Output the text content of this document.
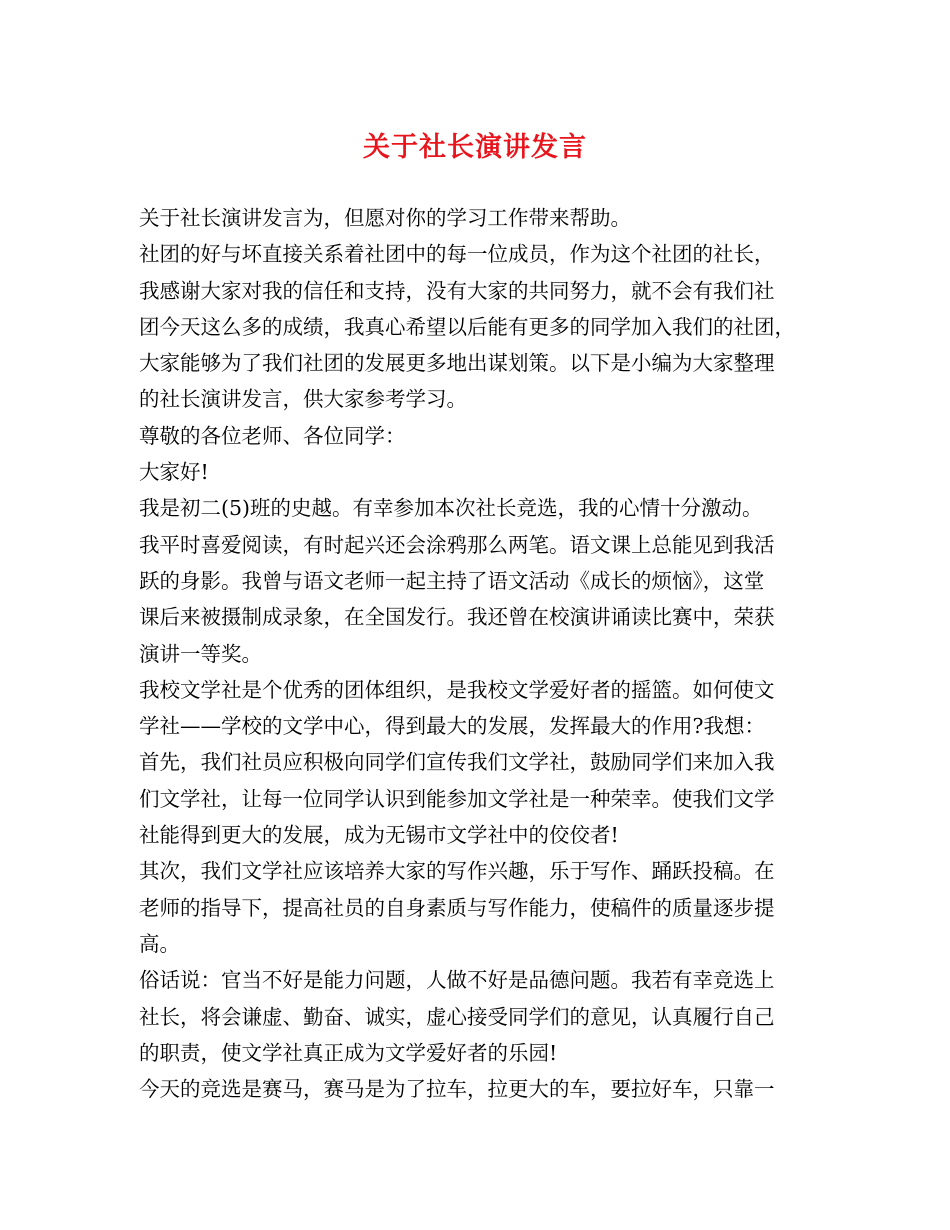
关于社长演讲发言
关于社长演讲发言为，但愿对你的学习工作带来帮助。
社团的好与坏直接关系着社团中的每一位成员，作为这个社团的社长，
我感谢大家对我的信任和支持，没有大家的共同努力，就不会有我们社
团今天这么多的成绩，我真心希望以后能有更多的同学加入我们的社团，
大家能够为了我们社团的发展更多地出谋划策。以下是小编为大家整理
的社长演讲发言，供大家参考学习。
尊敬的各位老师、各位同学：
大家好!
我是初二(5)班的史越。有幸参加本次社长竞选，我的心情十分激动。
我平时喜爱阅读，有时起兴还会涂鸦那么两笔。语文课上总能见到我活
跃的身影。我曾与语文老师一起主持了语文活动《成长的烦恼》，这堂
课后来被摄制成录象，在全国发行。我还曾在校演讲诵读比赛中，荣获
演讲一等奖。
我校文学社是个优秀的团体组织，是我校文学爱好者的摇篮。如何使文
学社——学校的文学中心，得到最大的发展，发挥最大的作用?我想：
首先，我们社员应积极向同学们宣传我们文学社，鼓励同学们来加入我
们文学社，让每一位同学认识到能参加文学社是一种荣幸。使我们文学
社能得到更大的发展，成为无锡市文学社中的佼佼者!
其次，我们文学社应该培养大家的写作兴趣，乐于写作、踊跃投稿。在
老师的指导下，提高社员的自身素质与写作能力，使稿件的质量逐步提
高。
俗话说：官当不好是能力问题，人做不好是品德问题。我若有幸竞选上
社长，将会谦虚、勤奋、诚实，虚心接受同学们的意见，认真履行自己
的职责，使文学社真正成为文学爱好者的乐园!
今天的竞选是赛马，赛马是为了拉车，拉更大的车，要拉好车，只靠一
